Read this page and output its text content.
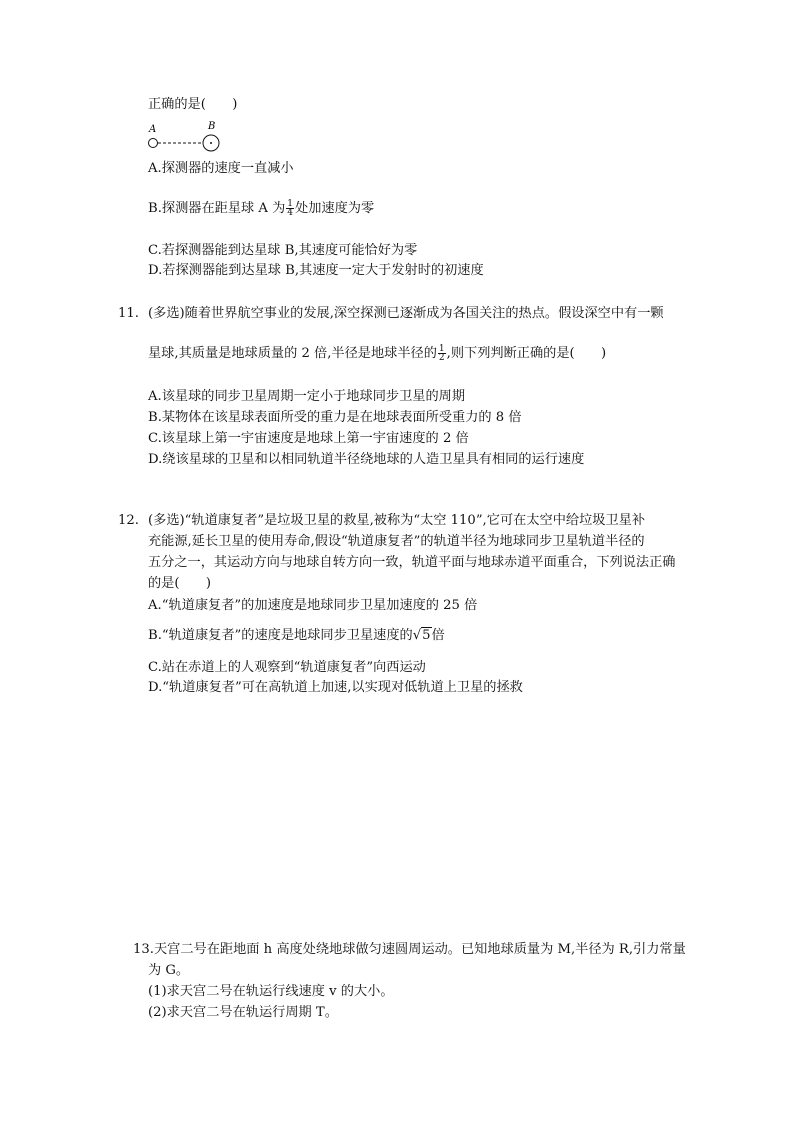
正确的是(　　)
A	B
A.探测器的速度一直减小
B.探测器在距星球 A 为 $\frac{1}{4}$ 处加速度为零
C.若探测器能到达星球 B,其速度可能恰好为零
D.若探测器能到达星球 B,其速度一定大于发射时的初速度
11. (多选)随着世界航空事业的发展,深空探测已逐渐成为各国关注的热点。假设深空中有一颗
星球,其质量是地球质量的 2 倍,半径是地球半径的 $\frac{1}{2}$ ,则下列判断正确的是(　　)
A.该星球的同步卫星周期一定小于地球同步卫星的周期
B.某物体在该星球表面所受的重力是在地球表面所受重力的 8 倍
C.该星球上第一宇宙速度是地球上第一宇宙速度的 2 倍
D.绕该星球的卫星和以相同轨道半径绕地球的人造卫星具有相同的运行速度
12. (多选)“轨道康复者”是垃圾卫星的救星,被称为“太空 110”,它可在太空中给垃圾卫星补
充能源,延长卫星的使用寿命,假设“轨道康复者”的轨道半径为地球同步卫星轨道半径的
五分之一，其运动方向与地球自转方向一致，轨道平面与地球赤道平面重合，下列说法正确
的是(　　)
A.“轨道康复者”的加速度是地球同步卫星加速度的 25 倍
B.“轨道康复者”的速度是地球同步卫星速度的√5倍
C.站在赤道上的人观察到“轨道康复者”向西运动
D.“轨道康复者”可在高轨道上加速,以实现对低轨道上卫星的拯救
13.天宫二号在距地面 h 高度处绕地球做匀速圆周运动。已知地球质量为 M,半径为 R,引力常量
为 G。
(1)求天宫二号在轨运行线速度 v 的大小。
(2)求天宫二号在轨运行周期 T。
